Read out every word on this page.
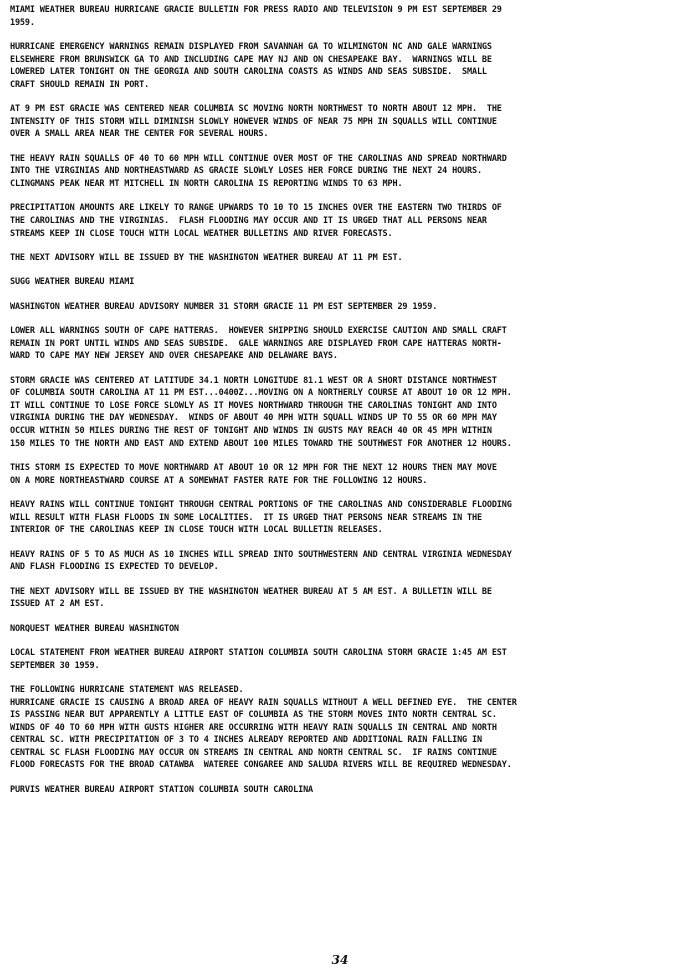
MIAMI WEATHER BUREAU HURRICANE GRACIE BULLETIN FOR PRESS RADIO AND TELEVISION 9 PM EST SEPTEMBER 29
1959.

HURRICANE EMERGENCY WARNINGS REMAIN DISPLAYED FROM SAVANNAH GA TO WILMINGTON NC AND GALE WARNINGS
ELSEWHERE FROM BRUNSWICK GA TO AND INCLUDING CAPE MAY NJ AND ON CHESAPEAKE BAY.  WARNINGS WILL BE
LOWERED LATER TONIGHT ON THE GEORGIA AND SOUTH CAROLINA COASTS AS WINDS AND SEAS SUBSIDE.  SMALL
CRAFT SHOULD REMAIN IN PORT.

AT 9 PM EST GRACIE WAS CENTERED NEAR COLUMBIA SC MOVING NORTH NORTHWEST TO NORTH ABOUT 12 MPH.  THE
INTENSITY OF THIS STORM WILL DIMINISH SLOWLY HOWEVER WINDS OF NEAR 75 MPH IN SQUALLS WILL CONTINUE
OVER A SMALL AREA NEAR THE CENTER FOR SEVERAL HOURS.

THE HEAVY RAIN SQUALLS OF 40 TO 60 MPH WILL CONTINUE OVER MOST OF THE CAROLINAS AND SPREAD NORTHWARD
INTO THE VIRGINIAS AND NORTHEASTWARD AS GRACIE SLOWLY LOSES HER FORCE DURING THE NEXT 24 HOURS.
CLINGMANS PEAK NEAR MT MITCHELL IN NORTH CAROLINA IS REPORTING WINDS TO 63 MPH.

PRECIPITATION AMOUNTS ARE LIKELY TO RANGE UPWARDS TO 10 TO 15 INCHES OVER THE EASTERN TWO THIRDS OF
THE CAROLINAS AND THE VIRGINIAS.  FLASH FLOODING MAY OCCUR AND IT IS URGED THAT ALL PERSONS NEAR
STREAMS KEEP IN CLOSE TOUCH WITH LOCAL WEATHER BULLETINS AND RIVER FORECASTS.

THE NEXT ADVISORY WILL BE ISSUED BY THE WASHINGTON WEATHER BUREAU AT 11 PM EST.

SUGG WEATHER BUREAU MIAMI

WASHINGTON WEATHER BUREAU ADVISORY NUMBER 31 STORM GRACIE 11 PM EST SEPTEMBER 29 1959.

LOWER ALL WARNINGS SOUTH OF CAPE HATTERAS.  HOWEVER SHIPPING SHOULD EXERCISE CAUTION AND SMALL CRAFT
REMAIN IN PORT UNTIL WINDS AND SEAS SUBSIDE.  GALE WARNINGS ARE DISPLAYED FROM CAPE HATTERAS NORTH-
WARD TO CAPE MAY NEW JERSEY AND OVER CHESAPEAKE AND DELAWARE BAYS.

STORM GRACIE WAS CENTERED AT LATITUDE 34.1 NORTH LONGITUDE 81.1 WEST OR A SHORT DISTANCE NORTHWEST
OF COLUMBIA SOUTH CAROLINA AT 11 PM EST...0400Z...MOVING ON A NORTHERLY COURSE AT ABOUT 10 OR 12 MPH.
IT WILL CONTINUE TO LOSE FORCE SLOWLY AS IT MOVES NORTHWARD THROUGH THE CAROLINAS TONIGHT AND INTO
VIRGINIA DURING THE DAY WEDNESDAY.  WINDS OF ABOUT 40 MPH WITH SQUALL WINDS UP TO 55 OR 60 MPH MAY
OCCUR WITHIN 50 MILES DURING THE REST OF TONIGHT AND WINDS IN GUSTS MAY REACH 40 OR 45 MPH WITHIN
150 MILES TO THE NORTH AND EAST AND EXTEND ABOUT 100 MILES TOWARD THE SOUTHWEST FOR ANOTHER 12 HOURS.

THIS STORM IS EXPECTED TO MOVE NORTHWARD AT ABOUT 10 OR 12 MPH FOR THE NEXT 12 HOURS THEN MAY MOVE
ON A MORE NORTHEASTWARD COURSE AT A SOMEWHAT FASTER RATE FOR THE FOLLOWING 12 HOURS.

HEAVY RAINS WILL CONTINUE TONIGHT THROUGH CENTRAL PORTIONS OF THE CAROLINAS AND CONSIDERABLE FLOODING
WILL RESULT WITH FLASH FLOODS IN SOME LOCALITIES.  IT IS URGED THAT PERSONS NEAR STREAMS IN THE
INTERIOR OF THE CAROLINAS KEEP IN CLOSE TOUCH WITH LOCAL BULLETIN RELEASES.

HEAVY RAINS OF 5 TO AS MUCH AS 10 INCHES WILL SPREAD INTO SOUTHWESTERN AND CENTRAL VIRGINIA WEDNESDAY
AND FLASH FLOODING IS EXPECTED TO DEVELOP.

THE NEXT ADVISORY WILL BE ISSUED BY THE WASHINGTON WEATHER BUREAU AT 5 AM EST. A BULLETIN WILL BE
ISSUED AT 2 AM EST.

NORQUEST WEATHER BUREAU WASHINGTON

LOCAL STATEMENT FROM WEATHER BUREAU AIRPORT STATION COLUMBIA SOUTH CAROLINA STORM GRACIE 1:45 AM EST
SEPTEMBER 30 1959.

THE FOLLOWING HURRICANE STATEMENT WAS RELEASED.
HURRICANE GRACIE IS CAUSING A BROAD AREA OF HEAVY RAIN SQUALLS WITHOUT A WELL DEFINED EYE.  THE CENTER
IS PASSING NEAR BUT APPARENTLY A LITTLE EAST OF COLUMBIA AS THE STORM MOVES INTO NORTH CENTRAL SC.
WINDS OF 40 TO 60 MPH WITH GUSTS HIGHER ARE OCCURRING WITH HEAVY RAIN SQUALLS IN CENTRAL AND NORTH
CENTRAL SC. WITH PRECIPITATION OF 3 TO 4 INCHES ALREADY REPORTED AND ADDITIONAL RAIN FALLING IN
CENTRAL SC FLASH FLOODING MAY OCCUR ON STREAMS IN CENTRAL AND NORTH CENTRAL SC.  IF RAINS CONTINUE
FLOOD FORECASTS FOR THE BROAD CATAWBA  WATEREE CONGAREE AND SALUDA RIVERS WILL BE REQUIRED WEDNESDAY.

PURVIS WEATHER BUREAU AIRPORT STATION COLUMBIA SOUTH CAROLINA

34
